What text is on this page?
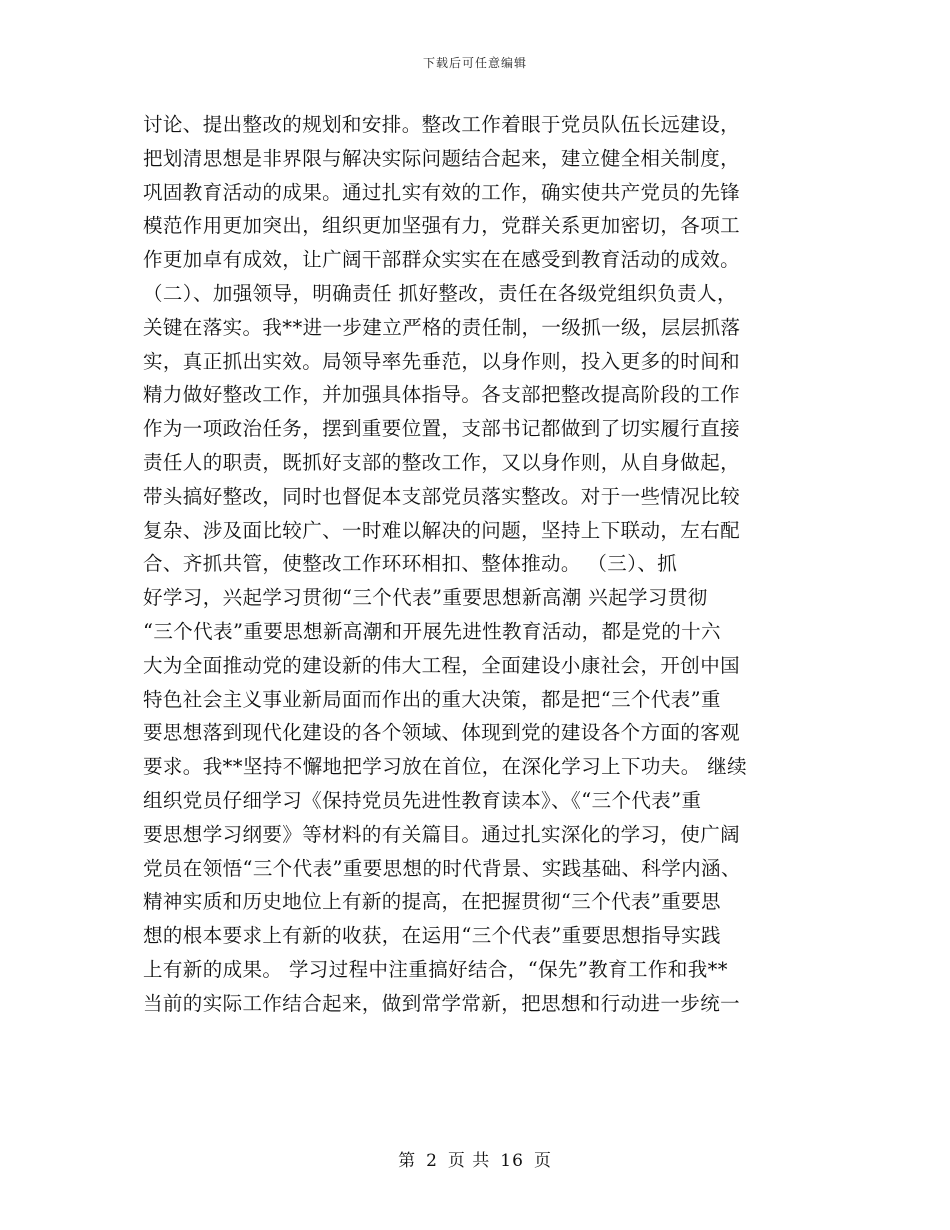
下载后可任意编辑
讨论、提出整改的规划和安排。整改工作着眼于党员队伍长远建设，
把划清思想是非界限与解决实际问题结合起来，建立健全相关制度，
巩固教育活动的成果。通过扎实有效的工作，确实使共产党员的先锋
模范作用更加突出，组织更加坚强有力，党群关系更加密切，各项工
作更加卓有成效，让广阔干部群众实实在在感受到教育活动的成效。
（二）、加强领导，明确责任 抓好整改，责任在各级党组织负责人，
关键在落实。我**进一步建立严格的责任制，一级抓一级，层层抓落
实，真正抓出实效。局领导率先垂范，以身作则，投入更多的时间和
精力做好整改工作，并加强具体指导。各支部把整改提高阶段的工作
作为一项政治任务，摆到重要位置，支部书记都做到了切实履行直接
责任人的职责，既抓好支部的整改工作，又以身作则，从自身做起，
带头搞好整改，同时也督促本支部党员落实整改。对于一些情况比较
复杂、涉及面比较广、一时难以解决的问题，坚持上下联动，左右配
合、齐抓共管，使整改工作环环相扣、整体推动。 （三）、抓
好学习，兴起学习贯彻“三个代表”重要思想新高潮 兴起学习贯彻
“三个代表”重要思想新高潮和开展先进性教育活动，都是党的十六
大为全面推动党的建设新的伟大工程，全面建设小康社会，开创中国
特色社会主义事业新局面而作出的重大决策，都是把“三个代表”重
要思想落到现代化建设的各个领域、体现到党的建设各个方面的客观
要求。我**坚持不懈地把学习放在首位，在深化学习上下功夫。 继续
组织党员仔细学习《保持党员先进性教育读本》、《“三个代表”重
要思想学习纲要》等材料的有关篇目。通过扎实深化的学习，使广阔
党员在领悟“三个代表”重要思想的时代背景、实践基础、科学内涵、
精神实质和历史地位上有新的提高，在把握贯彻“三个代表”重要思
想的根本要求上有新的收获，在运用“三个代表”重要思想指导实践
上有新的成果。 学习过程中注重搞好结合，“保先”教育工作和我**
当前的实际工作结合起来，做到常学常新，把思想和行动进一步统一
第 2 页 共 16 页
